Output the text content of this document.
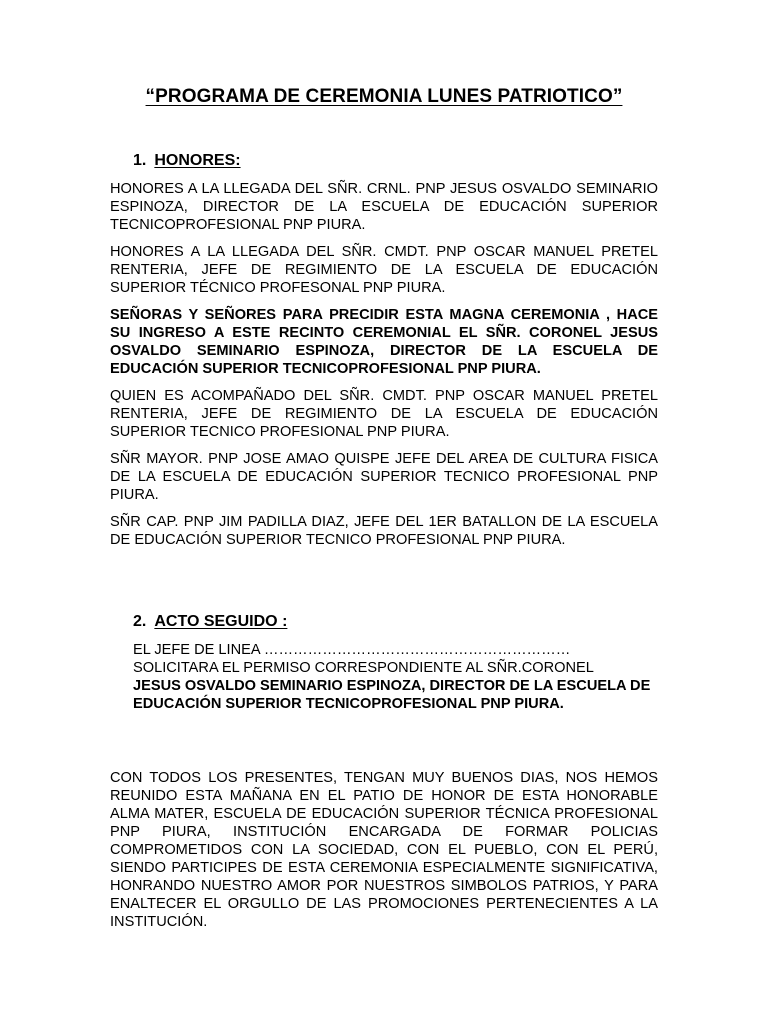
“PROGRAMA DE CEREMONIA LUNES PATRIOTICO”
1. HONORES:

HONORES A LA LLEGADA DEL SÑR. CRNL. PNP JESUS OSVALDO SEMINARIO ESPINOZA, DIRECTOR DE LA ESCUELA DE EDUCACIÓN SUPERIOR TECNICOPROFESIONAL PNP PIURA.

HONORES A LA LLEGADA DEL SÑR. CMDT. PNP OSCAR MANUEL PRETEL RENTERIA, JEFE DE REGIMIENTO DE LA ESCUELA DE EDUCACIÓN SUPERIOR TÉCNICO PROFESONAL PNP PIURA.

SEÑORAS Y SEÑORES PARA PRECIDIR ESTA MAGNA CEREMONIA , HACE SU INGRESO A ESTE RECINTO CEREMONIAL EL SÑR. CORONEL JESUS OSVALDO SEMINARIO ESPINOZA, DIRECTOR DE LA ESCUELA DE EDUCACIÓN SUPERIOR TECNICOPROFESIONAL PNP PIURA.

QUIEN ES ACOMPAÑADO DEL SÑR. CMDT. PNP OSCAR MANUEL PRETEL RENTERIA, JEFE DE REGIMIENTO DE LA ESCUELA DE EDUCACIÓN SUPERIOR TECNICO PROFESIONAL PNP PIURA.

SÑR MAYOR. PNP JOSE AMAO QUISPE JEFE DEL AREA DE CULTURA FISICA DE LA ESCUELA DE EDUCACIÓN SUPERIOR TECNICO PROFESIONAL PNP PIURA.

SÑR CAP. PNP JIM PADILLA DIAZ, JEFE DEL 1ER BATALLON DE LA ESCUELA DE EDUCACIÓN SUPERIOR TECNICO PROFESIONAL PNP PIURA.

2. ACTO SEGUIDO :
EL JEFE DE LINEA ………………………………………………………
SOLICITARA EL PERMISO CORRESPONDIENTE AL SÑR.CORONEL
JESUS OSVALDO SEMINARIO ESPINOZA, DIRECTOR DE LA ESCUELA DE EDUCACIÓN SUPERIOR TECNICOPROFESIONAL PNP PIURA.

CON TODOS LOS PRESENTES, TENGAN MUY BUENOS DIAS, NOS HEMOS REUNIDO ESTA MAÑANA EN EL PATIO DE HONOR DE ESTA HONORABLE ALMA MATER, ESCUELA DE EDUCACIÓN SUPERIOR TÉCNICA PROFESIONAL PNP PIURA, INSTITUCIÓN ENCARGADA DE FORMAR POLICIAS COMPROMETIDOS CON LA SOCIEDAD, CON EL PUEBLO, CON EL PERÚ, SIENDO PARTICIPES DE ESTA CEREMONIA ESPECIALMENTE SIGNIFICATIVA, HONRANDO NUESTRO AMOR POR NUESTROS SIMBOLOS PATRIOS, Y PARA ENALTECER EL ORGULLO DE LAS PROMOCIONES PERTENECIENTES A LA INSTITUCIÓN.
